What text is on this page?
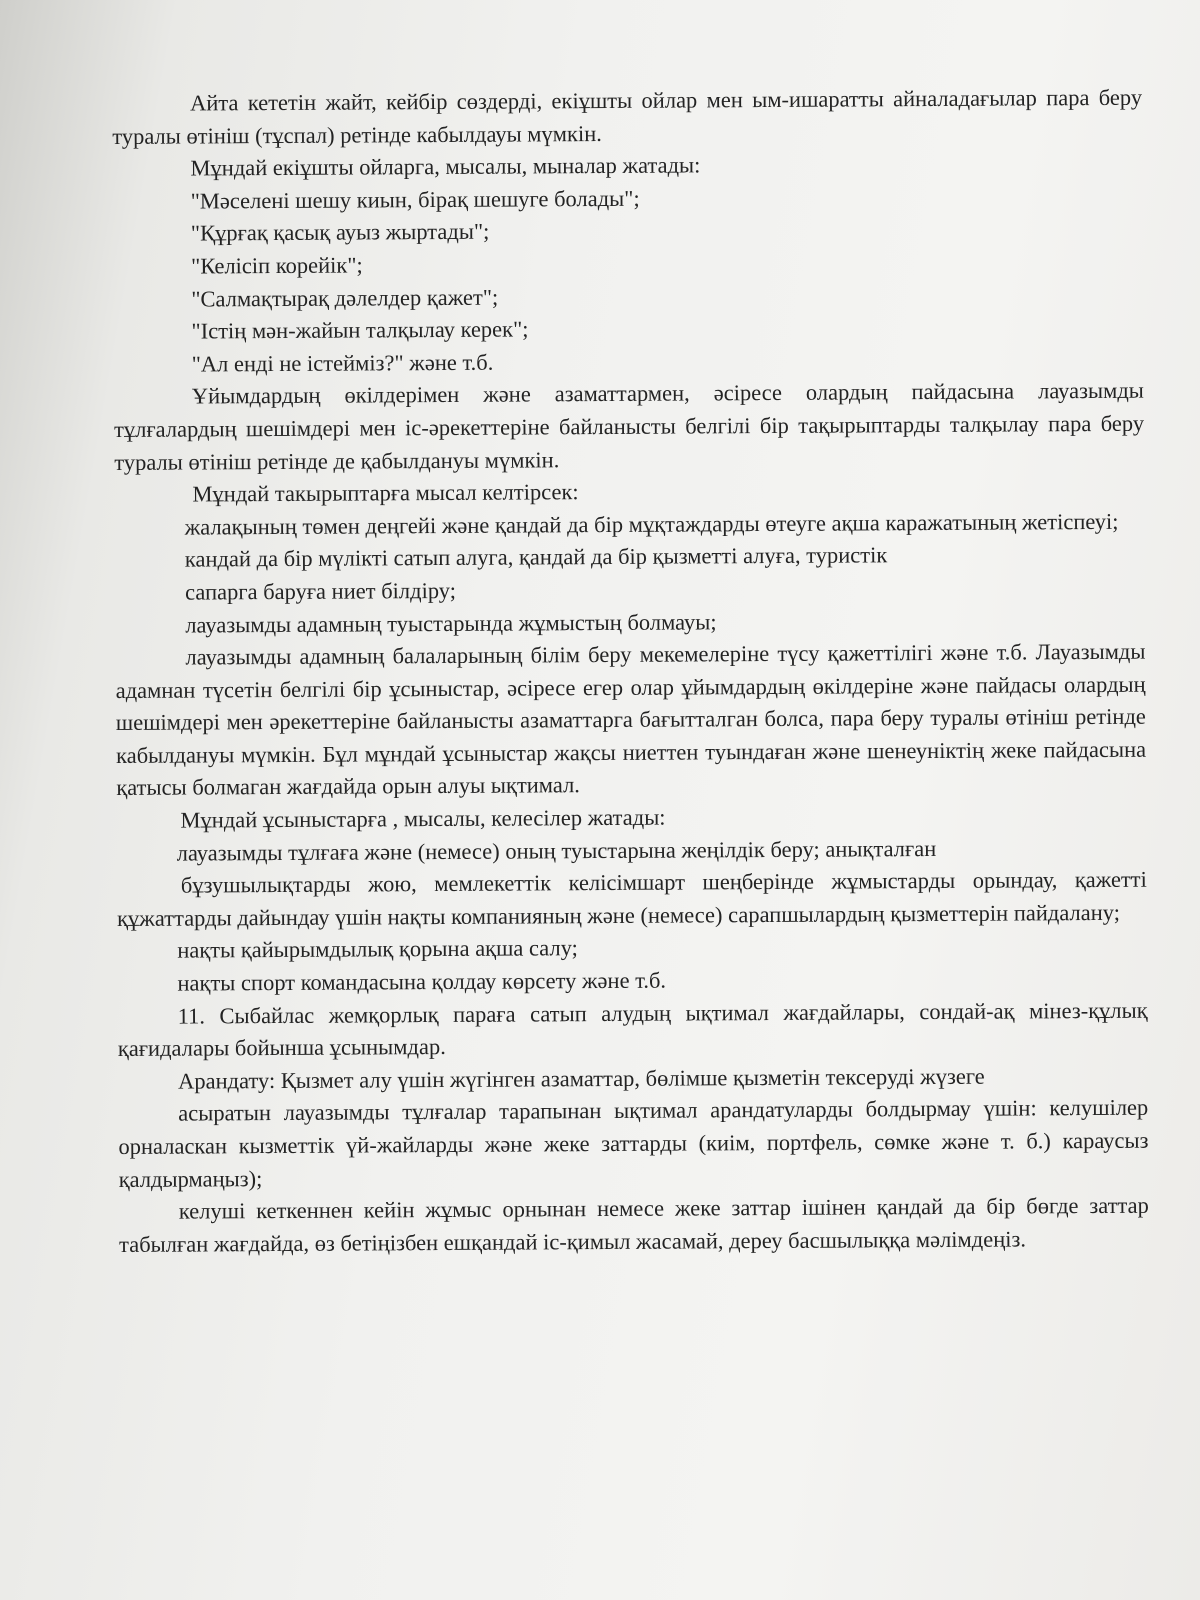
Айта кететін жайт, кейбір сөздерді, екіұшты ойлар мен ым-ишаратты айналадағылар пара беру туралы өтініш (тұспал) ретінде кабылдауы мүмкін.

Мұндай екіұшты ойларга, мысалы, мыналар жатады:

"Мәселені шешу киын, бірақ шешуге болады";

"Құрғақ қасық ауыз жыртады";

"Келісіп корейік";

"Салмақтырақ дәлелдер қажет";

"Істің мән-жайын талқылау керек";

"Ал енді не істейміз?" және т.б.

Ұйымдардың өкілдерімен және азаматтармен, әсіресе олардың пайдасына лауазымды тұлғалардың шешімдері мен іс-әрекеттеріне байланысты белгілі бір тақырыптарды талқылау пара беру туралы өтініш ретінде де қабылдануы мүмкін.

Мұндай такырыптарға мысал келтірсек:

жалақының төмен деңгейі және қандай да бір мұқтаждарды өтеуге ақша каражатының жетіспеуі;

кандай да бір мүлікті сатып алуга, қандай да бір қызметті алуға, туристік

сапарга баруға ниет білдіру;

лауазымды адамның туыстарында жұмыстың болмауы;

лауазымды адамның балаларының білім беру мекемелеріне түсу қажеттілігі және т.б. Лауазымды адамнан түсетін белгілі бір ұсыныстар, әсіресе егер олар ұйымдардың өкілдеріне және пайдасы олардың шешімдері мен әрекеттеріне байланысты азаматтарга бағытталган болса, пара беру туралы өтініш ретінде кабылдануы мүмкін. Бұл мұндай ұсыныстар жақсы ниеттен туындаған және шенеуніктің жеке пайдасына қатысы болмаган жағдайда орын алуы ықтимал.

Мұндай ұсыныстарға , мысалы, келесілер жатады:

лауазымды тұлғаға және (немесе) оның туыстарына жеңілдік беру; анықталған

бұзушылықтарды жою, мемлекеттік келісімшарт шеңберінде жұмыстарды орындау, қажетті құжаттарды дайындау үшін нақты компанияның және (немесе) сарапшылардың қызметтерін пайдалану;

нақты қайырымдылық қорына ақша салу;

нақты спорт командасына қолдау көрсету және т.б.

11. Сыбайлас жемқорлық параға сатып алудың ықтимал жағдайлары, сондай-ақ мінез-құлық қағидалары бойынша ұсынымдар.

Арандату: Қызмет алу үшін жүгінген азаматтар, бөлімше қызметін тексеруді жүзеге

асыратын лауазымды тұлғалар тарапынан ықтимал арандатуларды болдырмау үшін: келушілер орналаскан кызметтік үй-жайларды және жеке заттарды (киім, портфель, сөмке және т. б.) караусыз қалдырмаңыз);

келуші кеткеннен кейін жұмыс орнынан немесе жеке заттар ішінен қандай да бір бөгде заттар табылған жағдайда, өз бетіңізбен ешқандай іс-қимыл жасамай, дереу басшылыққа мәлімдеңіз.
